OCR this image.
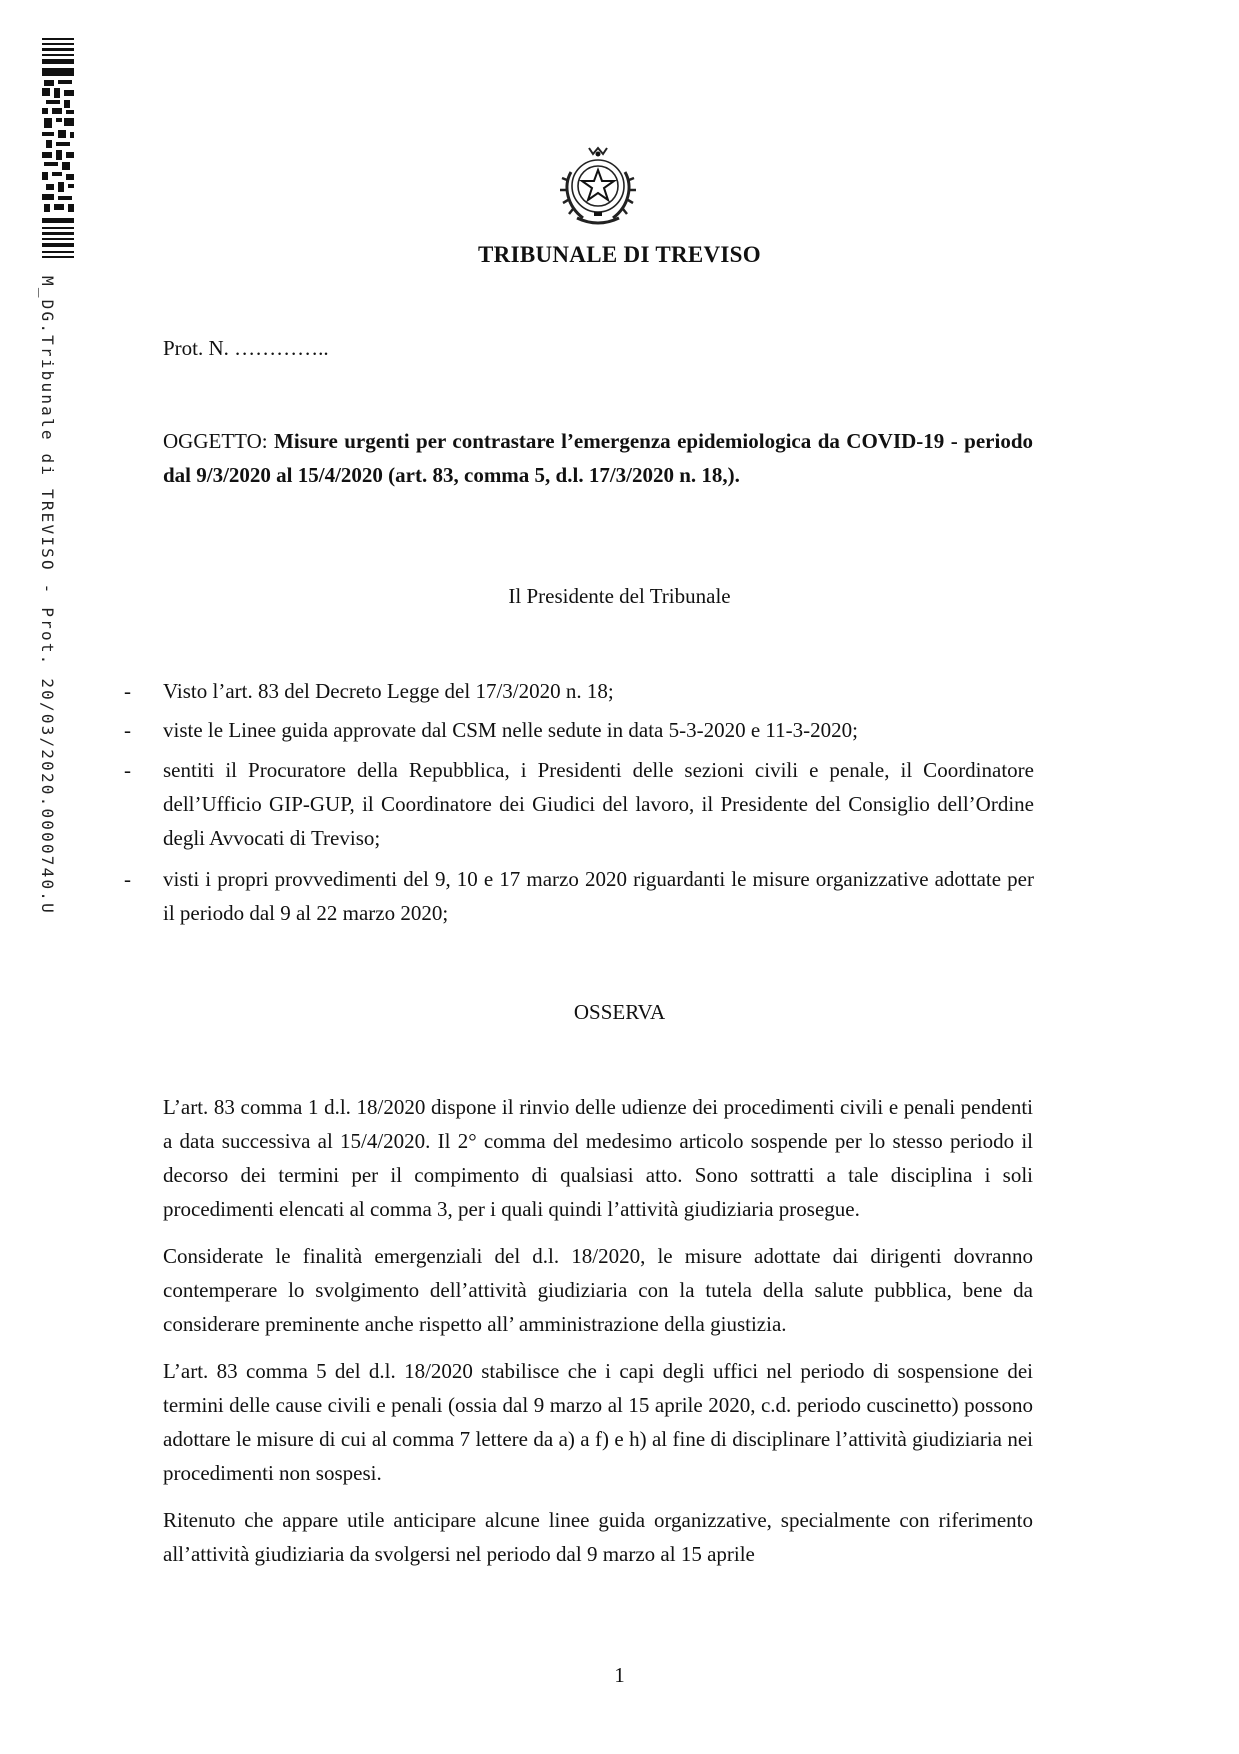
M_DG.Tribunale di TREVISO - Prot. 20/03/2020.0000740.U
TRIBUNALE DI TREVISO
Prot. N. …………..
OGGETTO: Misure urgenti per contrastare l’emergenza epidemiologica da COVID-19 - periodo dal 9/3/2020 al 15/4/2020 (art. 83, comma 5, d.l. 17/3/2020 n. 18,).
Il Presidente del Tribunale
- Visto l’art. 83 del Decreto Legge del 17/3/2020 n. 18;
- viste le Linee guida approvate dal CSM nelle sedute in data 5-3-2020 e 11-3-2020;
- sentiti il Procuratore della Repubblica, i Presidenti delle sezioni civili e penale, il Coordinatore dell’Ufficio GIP-GUP, il Coordinatore dei Giudici del lavoro, il Presidente del Consiglio dell’Ordine degli Avvocati di Treviso;
- visti i propri provvedimenti del 9, 10 e 17 marzo 2020 riguardanti le misure organizzative adottate per il periodo dal 9 al 22 marzo 2020;
OSSERVA

L’art. 83 comma 1 d.l. 18/2020 dispone il rinvio delle udienze dei procedimenti civili e penali pendenti a data successiva al 15/4/2020. Il 2° comma del medesimo articolo sospende per lo stesso periodo il decorso dei termini per il compimento di qualsiasi atto. Sono sottratti a tale disciplina i soli procedimenti elencati al comma 3, per i quali quindi l’attività giudiziaria prosegue.

Considerate le finalità emergenziali del d.l. 18/2020, le misure adottate dai dirigenti dovranno contemperare lo svolgimento dell’attività giudiziaria con la tutela della salute pubblica, bene da considerare preminente anche rispetto all’ amministrazione della giustizia.

L’art. 83 comma 5 del d.l. 18/2020 stabilisce che i capi degli uffici nel periodo di sospensione dei termini delle cause civili e penali (ossia dal 9 marzo al 15 aprile 2020, c.d. periodo cuscinetto) possono adottare le misure di cui al comma 7 lettere da a) a f) e h) al fine di disciplinare l’attività giudiziaria nei procedimenti non sospesi.

Ritenuto che appare utile anticipare alcune linee guida organizzative, specialmente con riferimento all’attività giudiziaria da svolgersi nel periodo dal 9 marzo al 15 aprile

1
